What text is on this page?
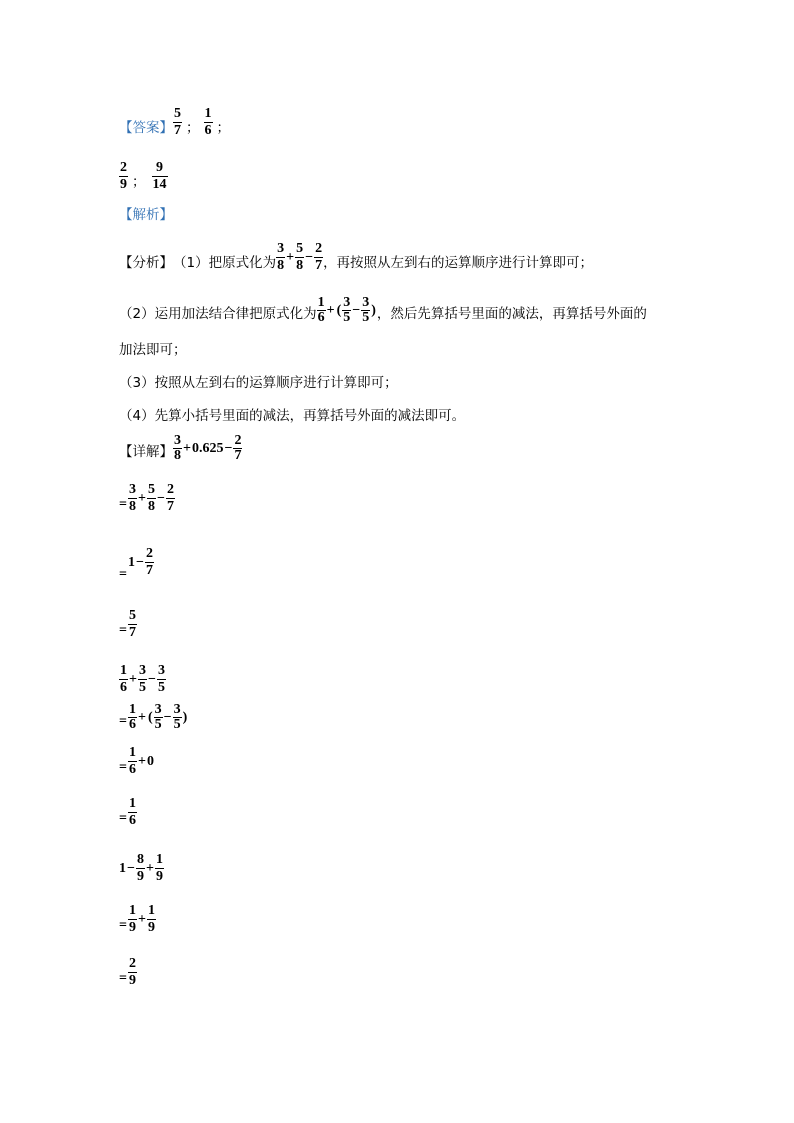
【答案】 $\frac{5}{7}$ ； $\frac{1}{6}$ ；
$\frac{2}{9}$ ； $\frac{9}{14}$
【解析】
【分析】 （1）把原式化为 $\frac{3}{8} + \frac{5}{8} - \frac{2}{7}$ ，再按照从左到右的运算顺序进行计算即可；
（2）运用加法结合律把原式化为 $\frac{1}{6}$ + ( $\frac{3}{5} - \frac{3}{5}$ ) ，然后先算括号里面的减法，再算括号外面的
加法即可；
（3）按照从左到右的运算顺序进行计算即可；
（4）先算小括号里面的减法，再算括号外面的减法即可。
【详解】 $\frac{3}{8} + 0.625 - \frac{2}{7}$
= $\frac{3}{8} + \frac{5}{8} - \frac{2}{7}$
=
$1 - \frac{2}{7}$
= $\frac{5}{7}$
$\frac{1}{6} + \frac{3}{5} - \frac{3}{5}$
= $\frac{1}{6}$ + ( $\frac{3}{5} - \frac{3}{5}$ )
= $\frac{1}{6} + 0$
= $\frac{1}{6}$
$1 - \frac{8}{9} + \frac{1}{9}$
= $\frac{1}{9} + \frac{1}{9}$
= $\frac{2}{9}$
